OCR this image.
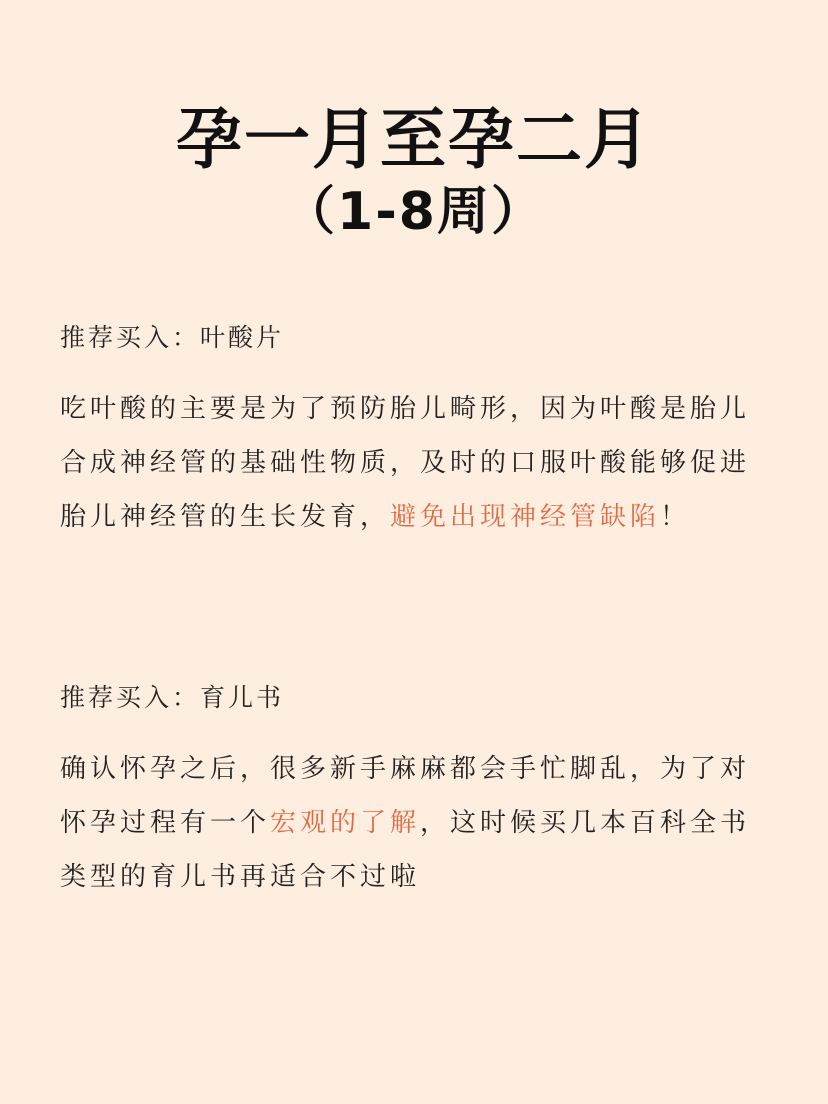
孕一月至孕二月
（1-8周）
推荐买入：叶酸片

吃叶酸的主要是为了预防胎儿畸形，因为叶酸是胎儿合成神经管的基础性物质，及时的口服叶酸能够促进胎儿神经管的生长发育，避免出现神经管缺陷！

推荐买入：育儿书

确认怀孕之后，很多新手麻麻都会手忙脚乱，为了对怀孕过程有一个宏观的了解，这时候买几本百科全书类型的育儿书再适合不过啦
